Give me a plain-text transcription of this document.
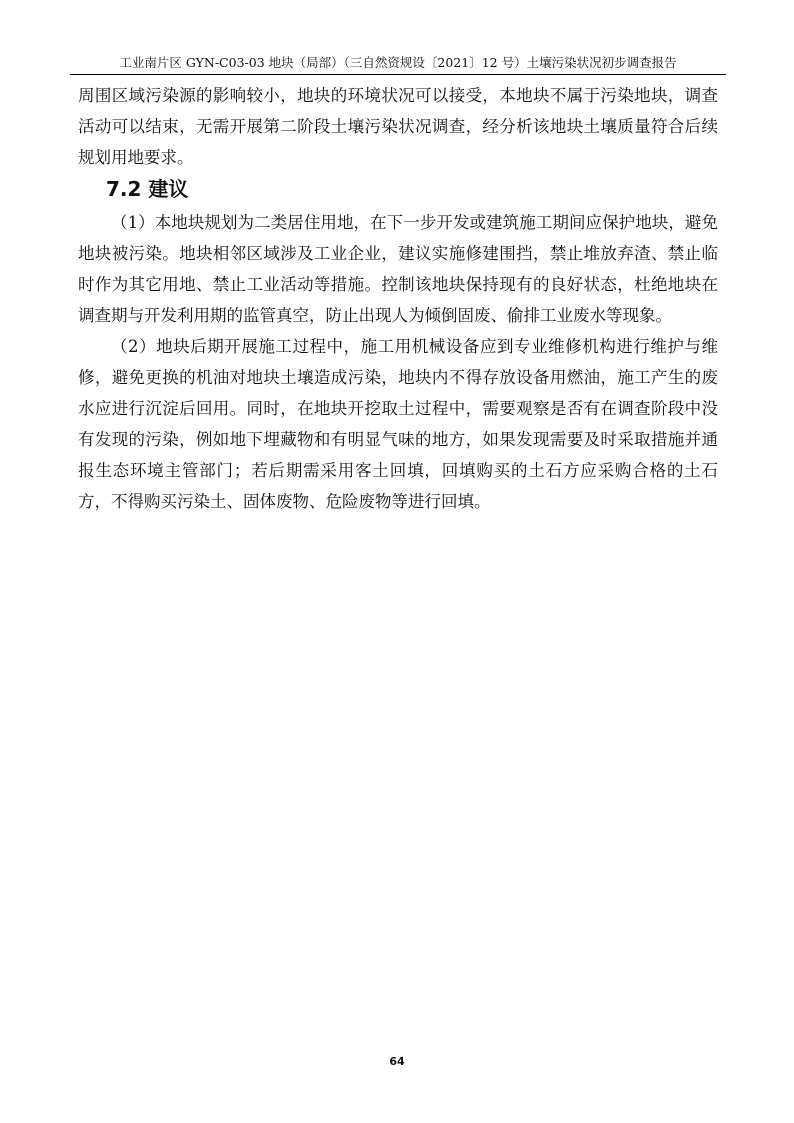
工业南片区 GYN-C03-03 地块（局部）（三自然资规设〔2021〕12 号）土壤污染状况初步调查报告

周围区域污染源的影响较小，地块的环境状况可以接受，本地块不属于污染地块，调查活动可以结束，无需开展第二阶段土壤污染状况调查，经分析该地块土壤质量符合后续规划用地要求。

7.2 建议

（1）本地块规划为二类居住用地，在下一步开发或建筑施工期间应保护地块，避免地块被污染。地块相邻区域涉及工业企业，建议实施修建围挡，禁止堆放弃渣、禁止临时作为其它用地、禁止工业活动等措施。控制该地块保持现有的良好状态，杜绝地块在调查期与开发利用期的监管真空，防止出现人为倾倒固废、偷排工业废水等现象。

（2）地块后期开展施工过程中，施工用机械设备应到专业维修机构进行维护与维修，避免更换的机油对地块土壤造成污染，地块内不得存放设备用燃油，施工产生的废水应进行沉淀后回用。同时，在地块开挖取土过程中，需要观察是否有在调查阶段中没有发现的污染，例如地下埋藏物和有明显气味的地方，如果发现需要及时采取措施并通报生态环境主管部门；若后期需采用客土回填，回填购买的土石方应采购合格的土石方，不得购买污染土、固体废物、危险废物等进行回填。

64
